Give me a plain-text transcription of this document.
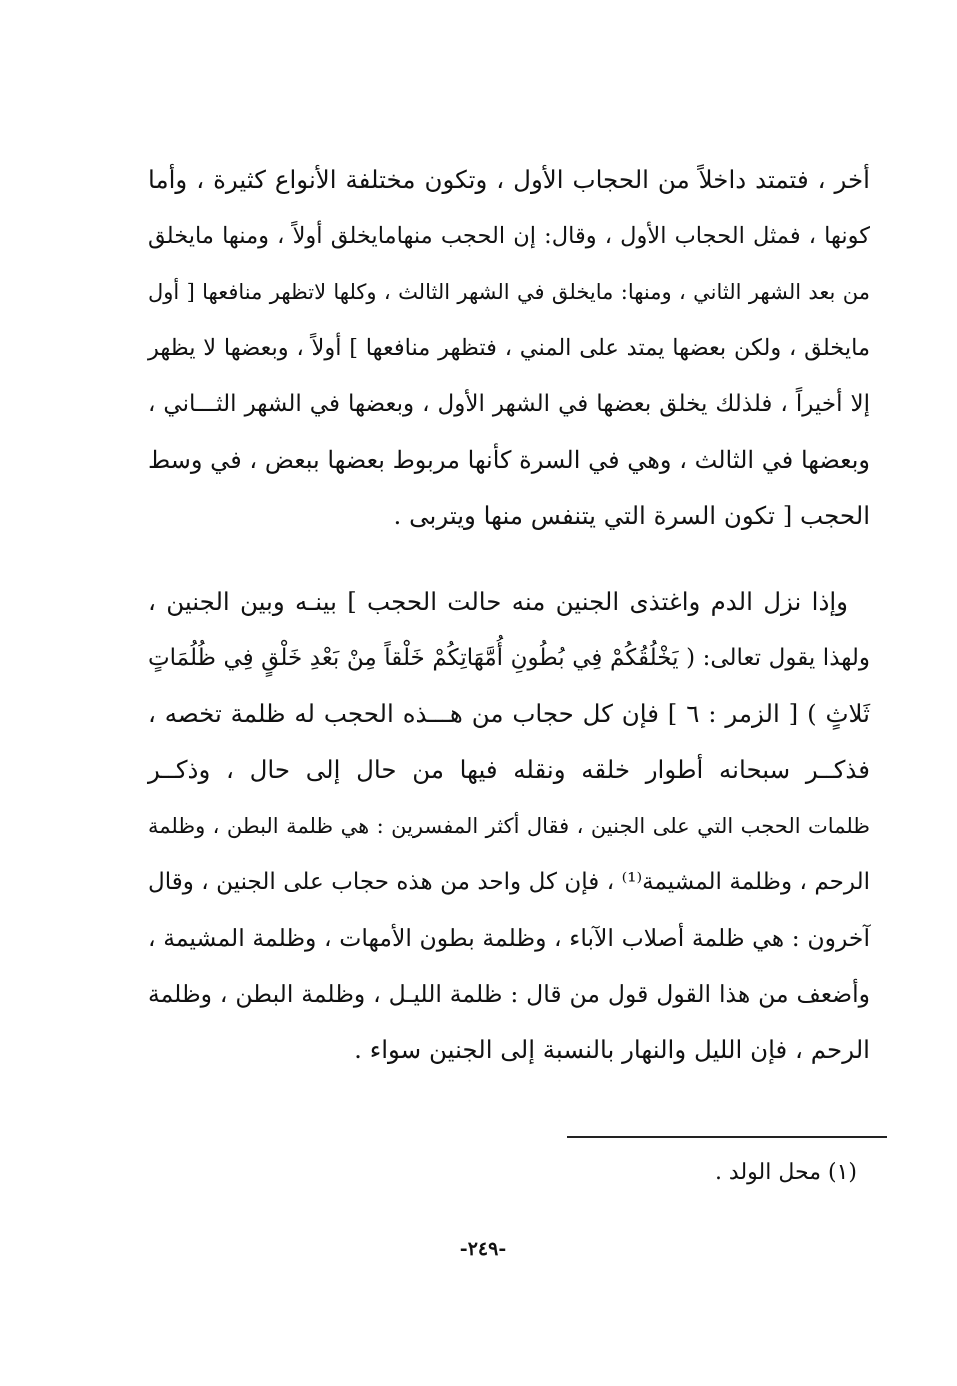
أخر ، فتمتد داخلاً من الحجاب الأول ، وتكون مختلفة الأنواع كثيرة ، وأما
كونها ، فمثل الحجاب الأول ، وقال: إن الحجب منهامايخلق أولاً ، ومنها مايخلق
من بعد الشهر الثاني ، ومنها: مايخلق في الشهر الثالث ، وكلها لاتظهر منافعها [ أول
مايخلق ، ولكن بعضها يمتد على المني ، فتظهر منافعها ] أولاً ، وبعضها لا يظهر
إلا أخيراً ، فلذلك يخلق بعضها في الشهر الأول ، وبعضها في الشهر الثـــاني ،
وبعضها في الثالث ، وهي في السرة كأنها مربوط بعضها ببعض ، في وسط
الحجب [ تكون السرة التي يتنفس منها ويتربى .
وإذا نزل الدم واغتذى الجنين منه حالت الحجب ] بينـه وبين الجنين ،
ولهذا يقول تعالى: ( يَخْلُقُكُمْ فِي بُطُونِ أُمَّهَاتِكُمْ خَلْقاً مِنْ بَعْدِ خَلْقٍ فِي ظُلُمَاتٍ
ثَلاثٍ ) [ الزمر : ٦ ] فإن كل حجاب من هـــذه الحجب له ظلمة تخصه ،
فذكــر سبحانه أطوار خلقه ونقله فيها من حال إلى حال ، وذكــر
ظلمات الحجب التي على الجنين ، فقال أكثر المفسرين : هي ظلمة البطن ، وظلمة
الرحم ، وظلمة المشيمة⁽¹⁾ ، فإن كل واحد من هذه حجاب على الجنين ، وقال
آخرون : هي ظلمة أصلاب الآباء ، وظلمة بطون الأمهات ، وظلمة المشيمة ،
وأضعف من هذا القول قول من قال : ظلمة الليـل ، وظلمة البطن ، وظلمة
الرحم ، فإن الليل والنهار بالنسبة إلى الجنين سواء .
(١) محل الولد .
-٢٤٩-
